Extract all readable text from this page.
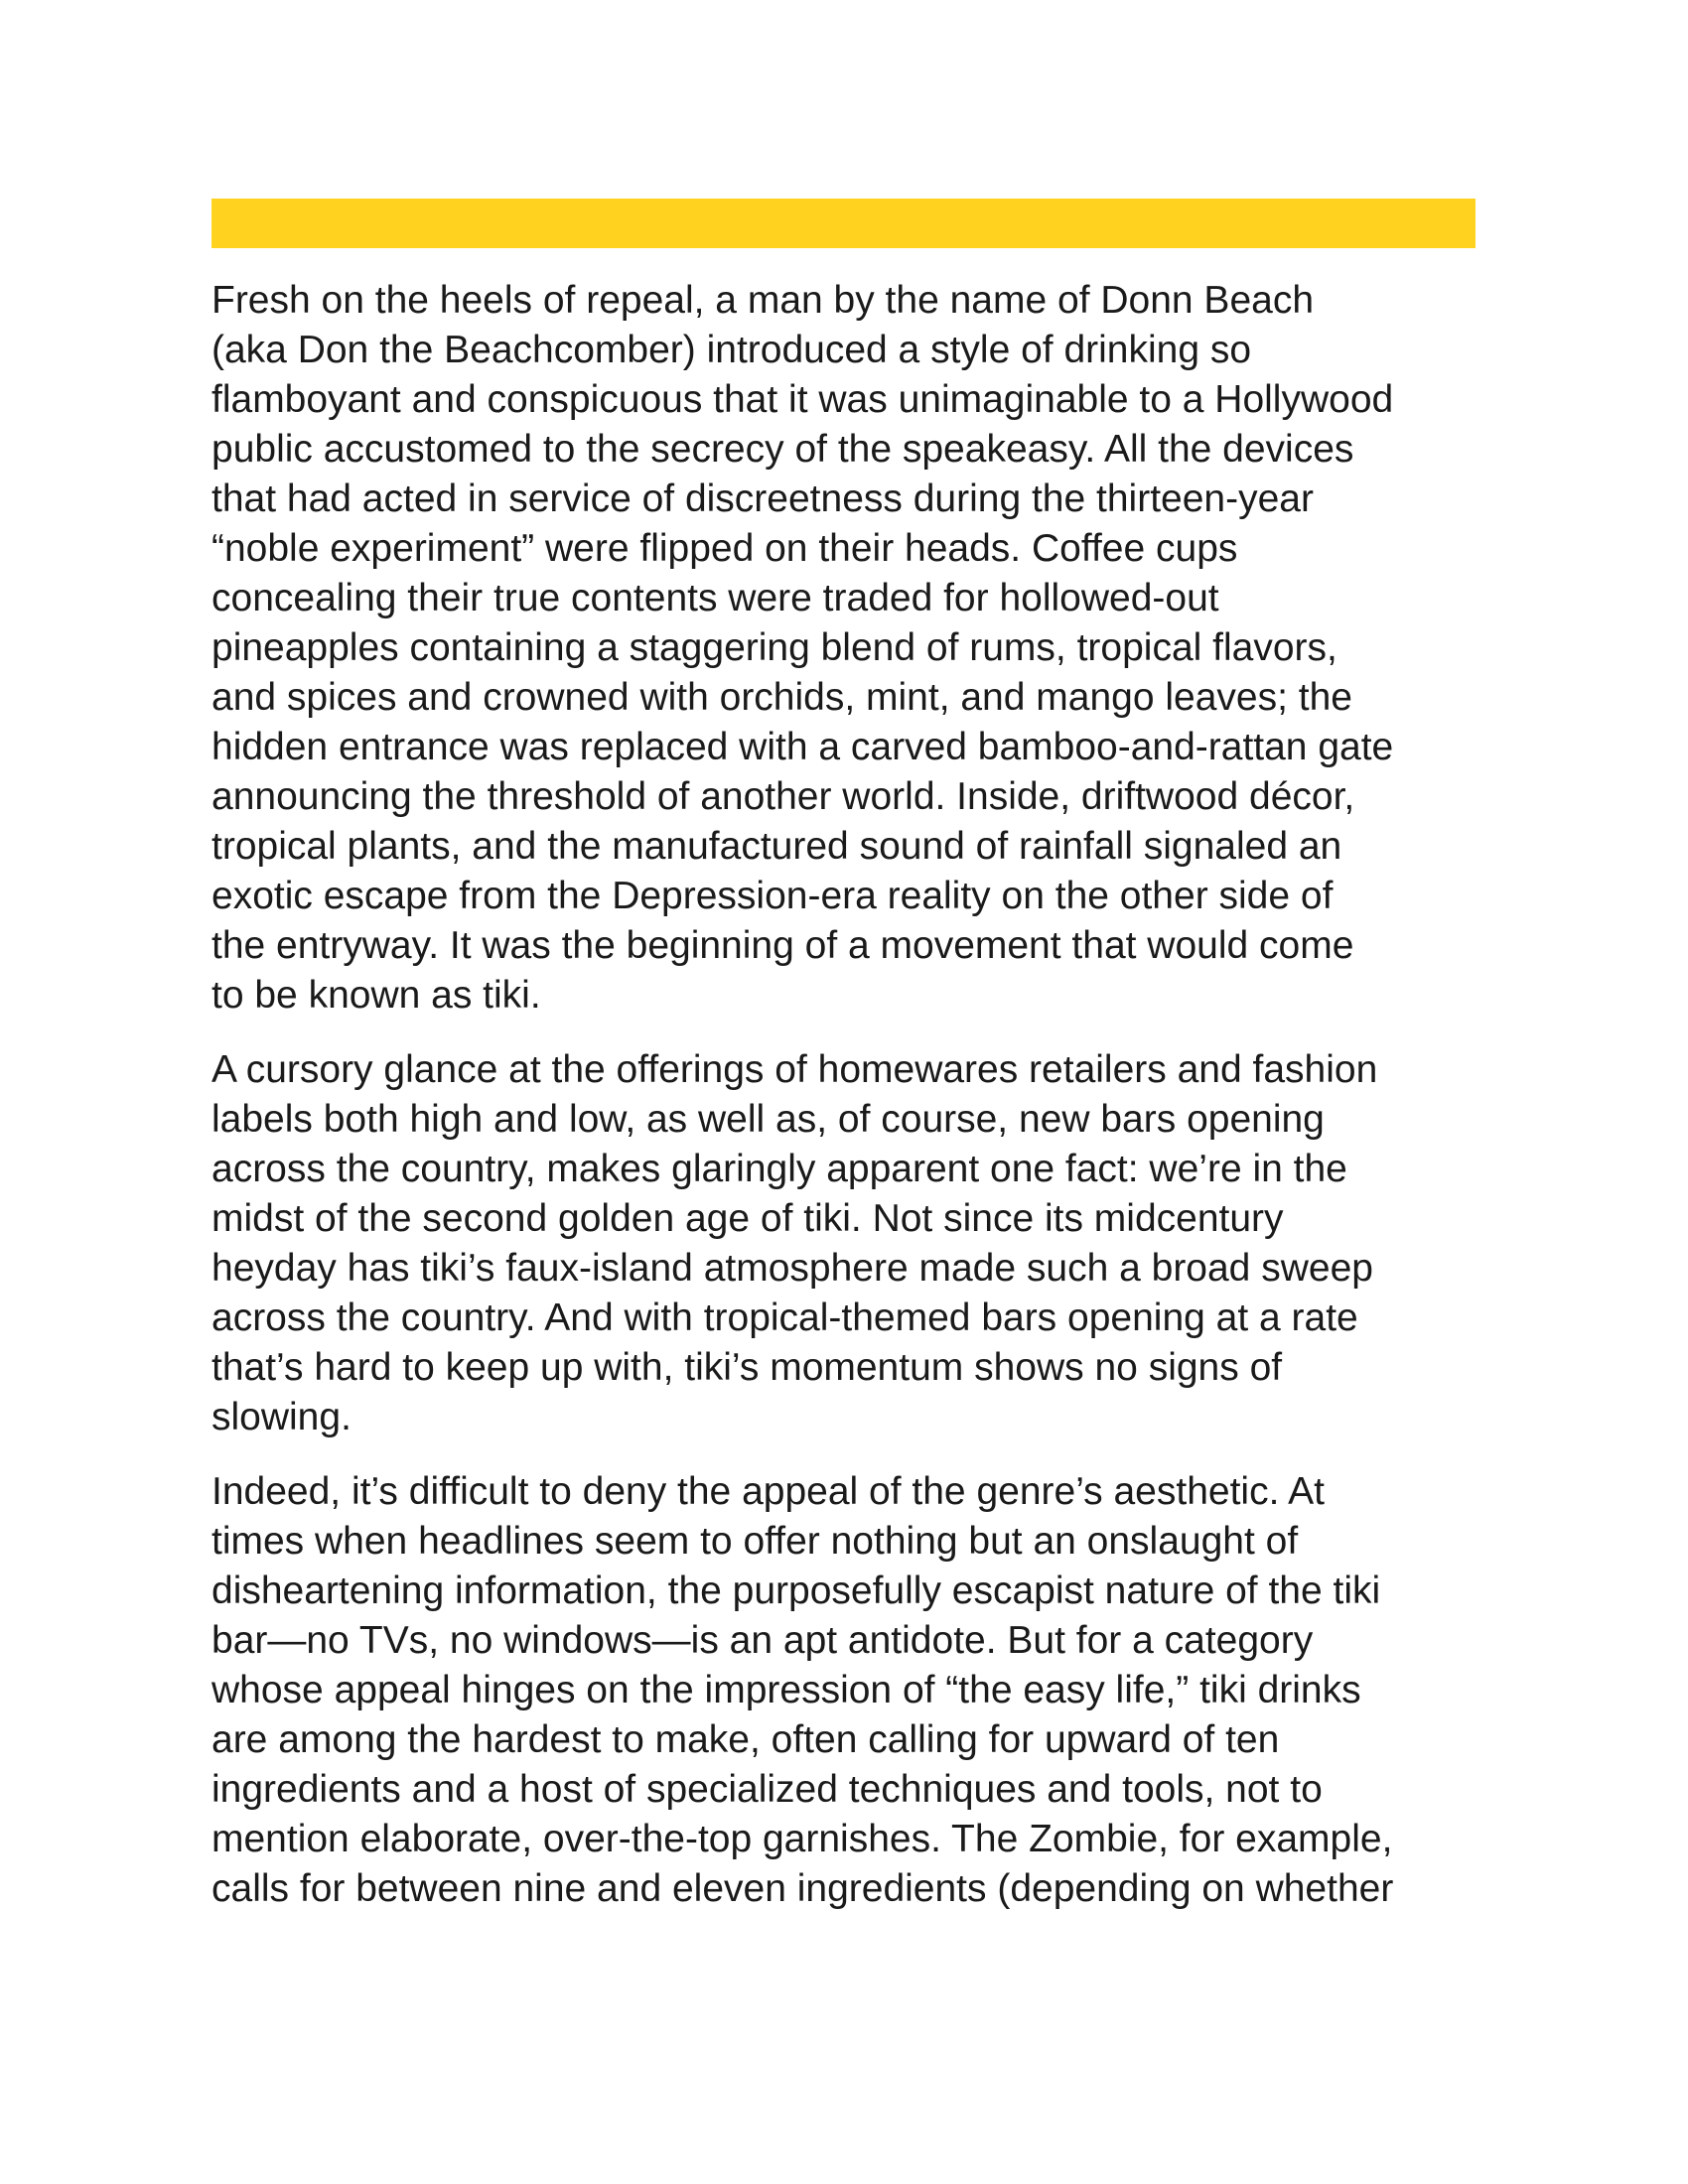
Fresh on the heels of repeal, a man by the name of Donn Beach
(aka Don the Beachcomber) introduced a style of drinking so
flamboyant and conspicuous that it was unimaginable to a Hollywood
public accustomed to the secrecy of the speakeasy. All the devices
that had acted in service of discreetness during the thirteen-year
“noble experiment” were flipped on their heads. Coffee cups
concealing their true contents were traded for hollowed-out
pineapples containing a staggering blend of rums, tropical flavors,
and spices and crowned with orchids, mint, and mango leaves; the
hidden entrance was replaced with a carved bamboo-and-rattan gate
announcing the threshold of another world. Inside, driftwood décor,
tropical plants, and the manufactured sound of rainfall signaled an
exotic escape from the Depression-era reality on the other side of
the entryway. It was the beginning of a movement that would come
to be known as tiki.

A cursory glance at the offerings of homewares retailers and fashion
labels both high and low, as well as, of course, new bars opening
across the country, makes glaringly apparent one fact: we’re in the
midst of the second golden age of tiki. Not since its midcentury
heyday has tiki’s faux-island atmosphere made such a broad sweep
across the country. And with tropical-themed bars opening at a rate
that’s hard to keep up with, tiki’s momentum shows no signs of
slowing.

Indeed, it’s difficult to deny the appeal of the genre’s aesthetic. At
times when headlines seem to offer nothing but an onslaught of
disheartening information, the purposefully escapist nature of the tiki
bar—no TVs, no windows—is an apt antidote. But for a category
whose appeal hinges on the impression of “the easy life,” tiki drinks
are among the hardest to make, often calling for upward of ten
ingredients and a host of specialized techniques and tools, not to
mention elaborate, over-the-top garnishes. The Zombie, for example,
calls for between nine and eleven ingredients (depending on whether
